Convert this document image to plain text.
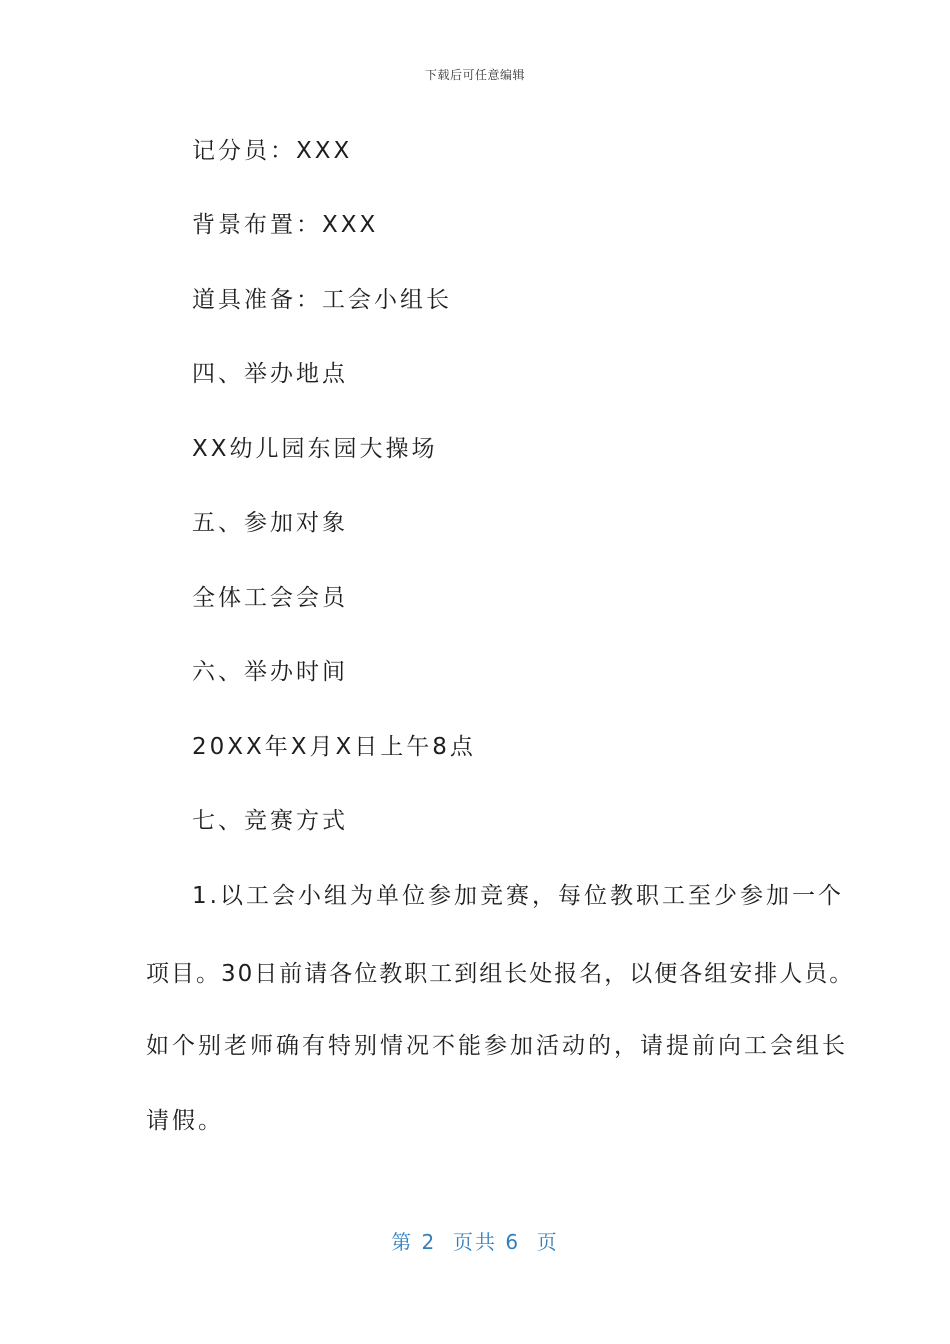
下载后可任意编辑
记分员：XXX
背景布置：XXX
道具准备：工会小组长
四、举办地点
XX幼儿园东园大操场
五、参加对象
全体工会会员
六、举办时间
20XX年X月X日上午8点
七、竞赛方式
1.以工会小组为单位参加竞赛，每位教职工至少参加一个
项目。30日前请各位教职工到组长处报名，以便各组安排人员。
如个别老师确有特别情况不能参加活动的，请提前向工会组长
请假。
第 2  页共 6  页
